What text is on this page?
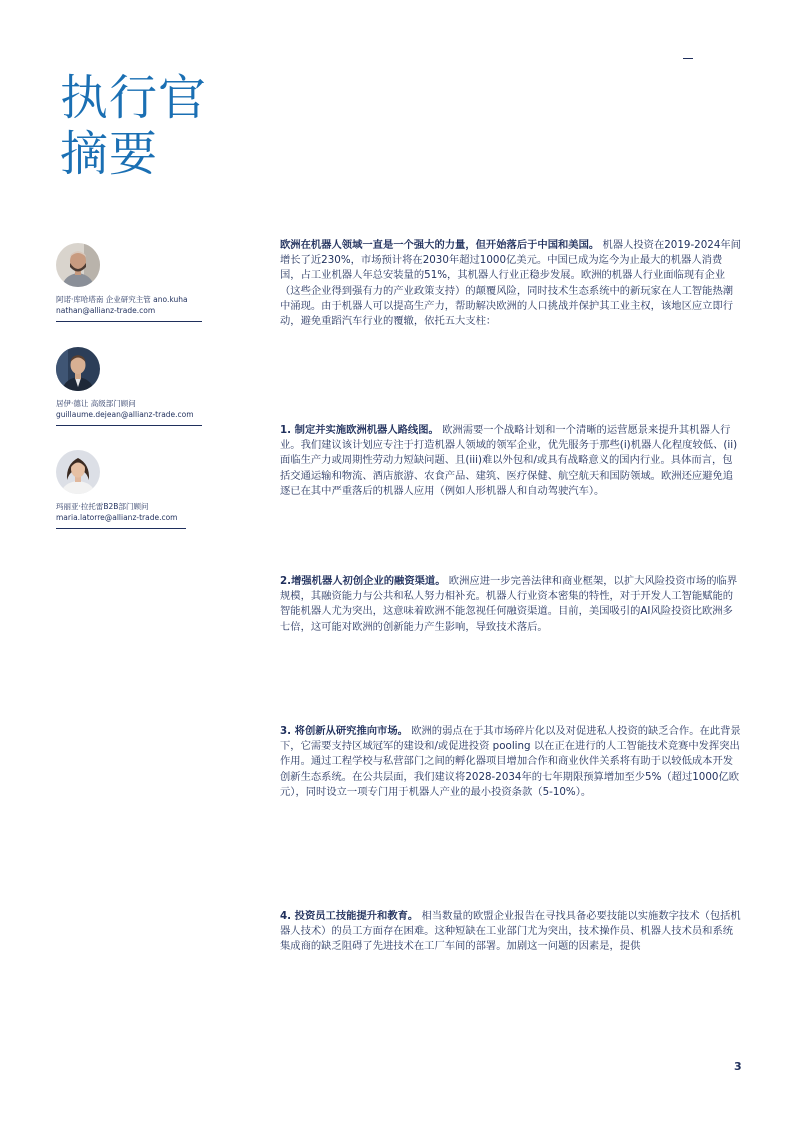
执行官
摘要
阿诺·库哈塔南 企业研究主管 ano.kuha
nathan@allianz-trade.com
居伊·德让 高级部门顾问
guillaume.dejean@allianz-trade.com
玛丽亚·拉托雷B2B部门顾问
maria.latorre@allianz-trade.com

欧洲在机器人领域一直是一个强大的力量，但开始落后于中国和美国。 机器人投资在2019-2024年间增长了近230%，市场预计将在2030年超过1000亿美元。中国已成为迄今为止最大的机器人消费国，占工业机器人年总安装量的51%，其机器人行业正稳步发展。欧洲的机器人行业面临现有企业（这些企业得到强有力的产业政策支持）的颠覆风险，同时技术生态系统中的新玩家在人工智能热潮中涌现。由于机器人可以提高生产力，帮助解决欧洲的人口挑战并保护其工业主权，该地区应立即行动，避免重蹈汽车行业的覆辙，依托五大支柱：

1. 制定并实施欧洲机器人路线图。 欧洲需要一个战略计划和一个清晰的运营愿景来提升其机器人行业。我们建议该计划应专注于打造机器人领域的领军企业，优先服务于那些(i)机器人化程度较低、(ii)面临生产力或周期性劳动力短缺问题、且(iii)难以外包和/或具有战略意义的国内行业。具体而言，包括交通运输和物流、酒店旅游、农食产品、建筑、医疗保健、航空航天和国防领域。欧洲还应避免追逐已在其中严重落后的机器人应用（例如人形机器人和自动驾驶汽车）。

2.增强机器人初创企业的融资渠道。 欧洲应进一步完善法律和商业框架，以扩大风险投资市场的临界规模，其融资能力与公共和私人努力相补充。机器人行业资本密集的特性，对于开发人工智能赋能的智能机器人尤为突出，这意味着欧洲不能忽视任何融资渠道。目前，美国吸引的AI风险投资比欧洲多七倍，这可能对欧洲的创新能力产生影响，导致技术落后。

3. 将创新从研究推向市场。 欧洲的弱点在于其市场碎片化以及对促进私人投资的缺乏合作。在此背景下，它需要支持区域冠军的建设和/或促进投资 pooling 以在正在进行的人工智能技术竞赛中发挥突出作用。通过工程学校与私营部门之间的孵化器项目增加合作和商业伙伴关系将有助于以较低成本开发创新生态系统。在公共层面，我们建议将2028-2034年的七年期限预算增加至少5%（超过1000亿欧元），同时设立一项专门用于机器人产业的最小投资条款（5-10%）。

4. 投资员工技能提升和教育。 相当数量的欧盟企业报告在寻找具备必要技能以实施数字技术（包括机器人技术）的员工方面存在困难。这种短缺在工业部门尤为突出，技术操作员、机器人技术员和系统集成商的缺乏阻碍了先进技术在工厂车间的部署。加剧这一问题的因素是，提供

3
